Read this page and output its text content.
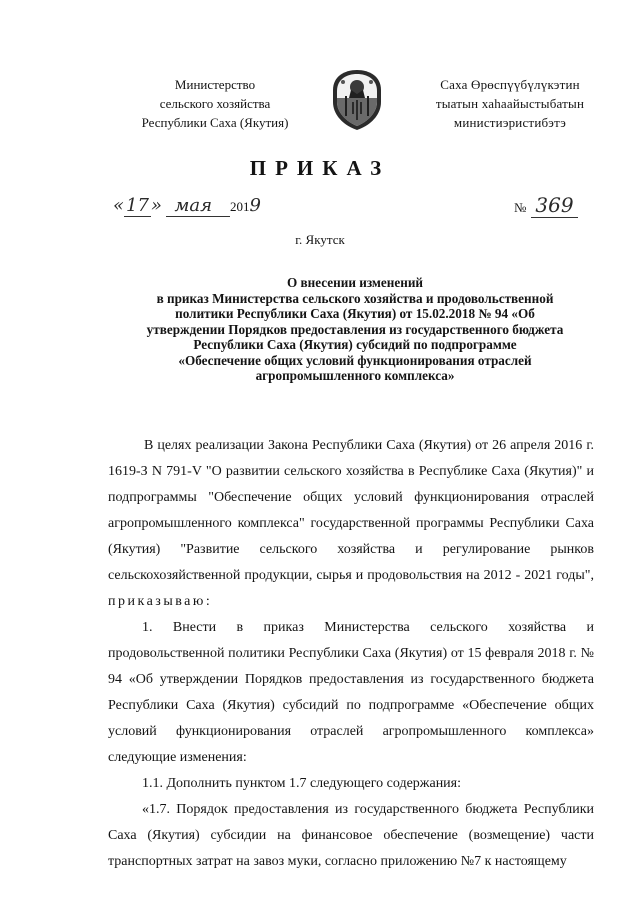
Министерство
сельского хозяйства
Республики Саха (Якутия)
Саха Өрөспүүбүлүкэтин
тыатын хаһаайыстыбатын
министиэристибэтэ
ПРИКАЗ
« 17 » мая 2019	№ 369
г. Якутск
О внесении изменений
в приказ Министерства сельского хозяйства и продовольственной
политики Республики Саха (Якутия) от 15.02.2018 № 94 «Об
утверждении Порядков предоставления из государственного бюджета
Республики Саха (Якутия) субсидий по подпрограмме
«Обеспечение общих условий функционирования отраслей
агропромышленного комплекса»

В целях реализации Закона Республики Саха (Якутия) от 26 апреля 2016 г. 1619-З N 791-V "О развитии сельского хозяйства в Республике Саха (Якутия)" и подпрограммы "Обеспечение общих условий функционирования отраслей агропромышленного комплекса" государственной программы Республики Саха (Якутия) "Развитие сельского хозяйства и регулирование рынков сельскохозяйственной продукции, сырья и продовольствия на 2012 - 2021 годы", приказываю:

1. Внести в приказ Министерства сельского хозяйства и продовольственной политики Республики Саха (Якутия) от 15 февраля 2018 г. № 94 «Об утверждении Порядков предоставления из государственного бюджета Республики Саха (Якутия) субсидий по подпрограмме «Обеспечение общих условий функционирования отраслей агропромышленного комплекса» следующие изменения:

1.1. Дополнить пунктом 1.7 следующего содержания:

«1.7. Порядок предоставления из государственного бюджета Республики Саха (Якутия) субсидии на финансовое обеспечение (возмещение) части транспортных затрат на завоз муки, согласно приложению №7 к настоящему
